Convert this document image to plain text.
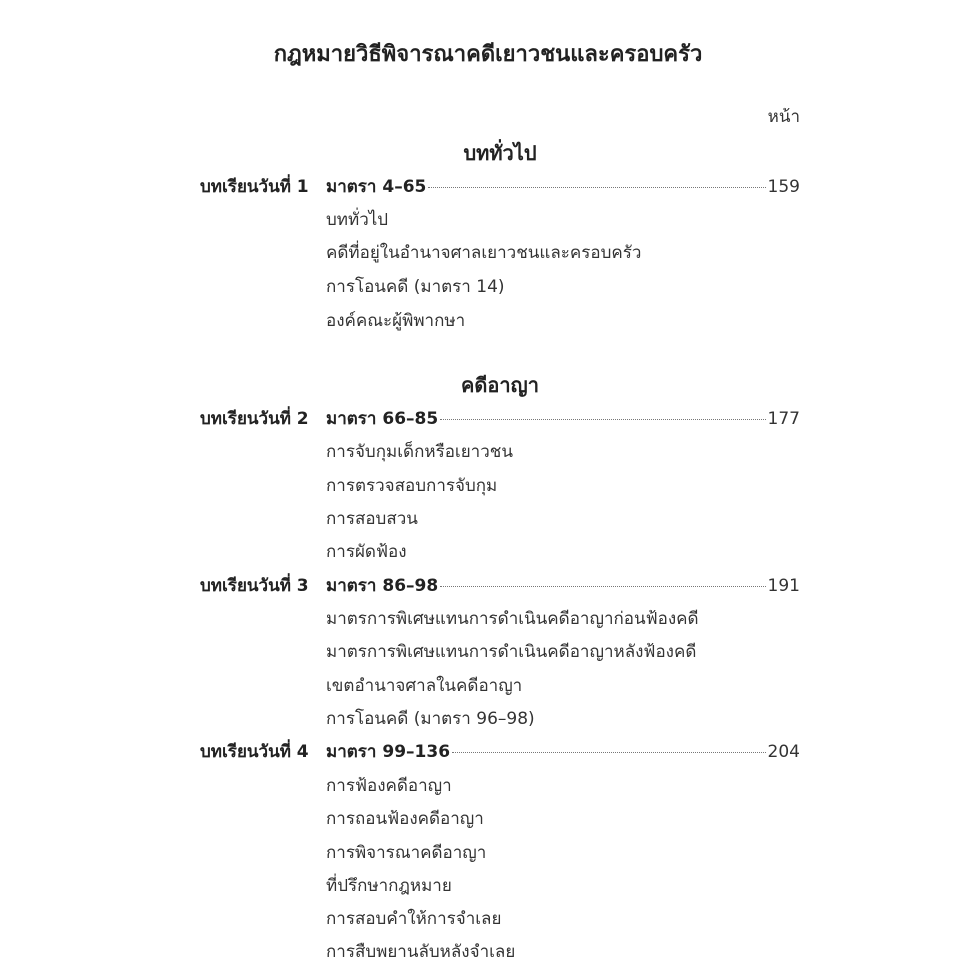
กฎหมายวิธีพิจารณาคดีเยาวชนและครอบครัว
หน้า
บททั่วไป
บทเรียนวันที่ 1 มาตรา 4–65	159
บททั่วไป
คดีที่อยู่ในอำนาจศาลเยาวชนและครอบครัว
การโอนคดี (มาตรา 14)
องค์คณะผู้พิพากษา
คดีอาญา
บทเรียนวันที่ 2 มาตรา 66–85	177
การจับกุมเด็กหรือเยาวชน
การตรวจสอบการจับกุม
การสอบสวน
การผัดฟ้อง
บทเรียนวันที่ 3 มาตรา 86–98	191
มาตรการพิเศษแทนการดำเนินคดีอาญาก่อนฟ้องคดี
มาตรการพิเศษแทนการดำเนินคดีอาญาหลังฟ้องคดี
เขตอำนาจศาลในคดีอาญา
การโอนคดี (มาตรา 96–98)
บทเรียนวันที่ 4 มาตรา 99–136	204
การฟ้องคดีอาญา
การถอนฟ้องคดีอาญา
การพิจารณาคดีอาญา
ที่ปรึกษากฎหมาย
การสอบคำให้การจำเลย
การสืบพยานลับหลังจำเลย
